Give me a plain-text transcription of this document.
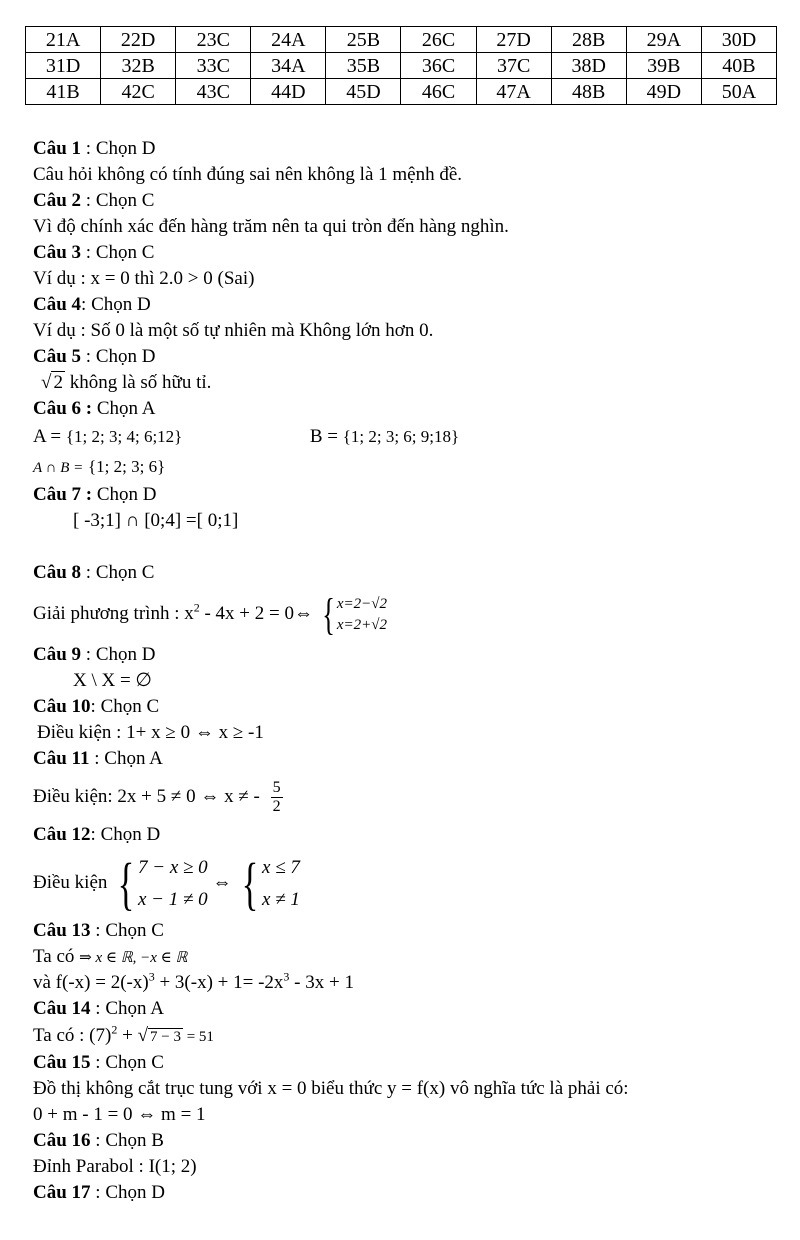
21A	22D	23C	24A	25B	26C	27D	28B	29A	30D
31D	32B	33C	34A	35B	36C	37C	38D	39B	40B
41B	42C	43C	44D	45D	46C	47A	48B	49D	50A
Câu 1 : Chọn D
Câu hỏi không có tính đúng sai nên không là 1 mệnh đề.
Câu 2 : Chọn C
Vì độ chính xác đến hàng trăm nên ta qui tròn đến hàng nghìn.
Câu 3 : Chọn C
Ví dụ : x = 0 thì 2.0 > 0 (Sai)
Câu 4: Chọn D
Ví dụ : Số 0 là một số tự nhiên mà Không lớn hơn 0.
Câu 5 : Chọn D
√ 2 không là số hữu tỉ.
Câu 6 : Chọn A
A = {1; 2; 3; 4; 6;12}	B = {1; 2; 3; 6; 9;18}
A ∩ B = {1; 2; 3; 6}
Câu 7 : Chọn D
[ -3;1] ∩ [0;4] =[ 0;1]
Câu 8 : Chọn C
Giải phương trình : $x^2 - 4x + 2$ = 0⇔ { x=2−√2
x=2+√2
Câu 9 : Chọn D
X \ X = ∅
Câu 10: Chọn C
Điều kiện : 1+ x ≥ 0 ⇔ x ≥ -1
Câu 11 : Chọn A
Điều kiện: 2x + 5 ≠ 0 ⇔ x ≠ - $\frac{5}{2}$
Câu 12: Chọn D
Điều kiện { 7 − x ≥ 0
x − 1 ≠ 0
⇔ { x ≤ 7
x ≠ 1
Câu 13 : Chọn C
Ta có ⇒ x ∈ ℝ, −x ∈ ℝ
và $f(-x) = 2(-x)^3 + 3(-x) + 1= -2x^3 - 3x + 1$
Câu 14 : Chọn A
Ta có : $(7)^2$ + √ 7 − 3 = 51
Câu 15 : Chọn C
Đồ thị không cắt trục tung với x = 0 biểu thức y = f(x) vô nghĩa tức là phải có:
0 + m - 1 = 0 ⇔ m = 1
Câu 16 : Chọn B
Đỉnh Parabol : I(1; 2)
Câu 17 : Chọn D
